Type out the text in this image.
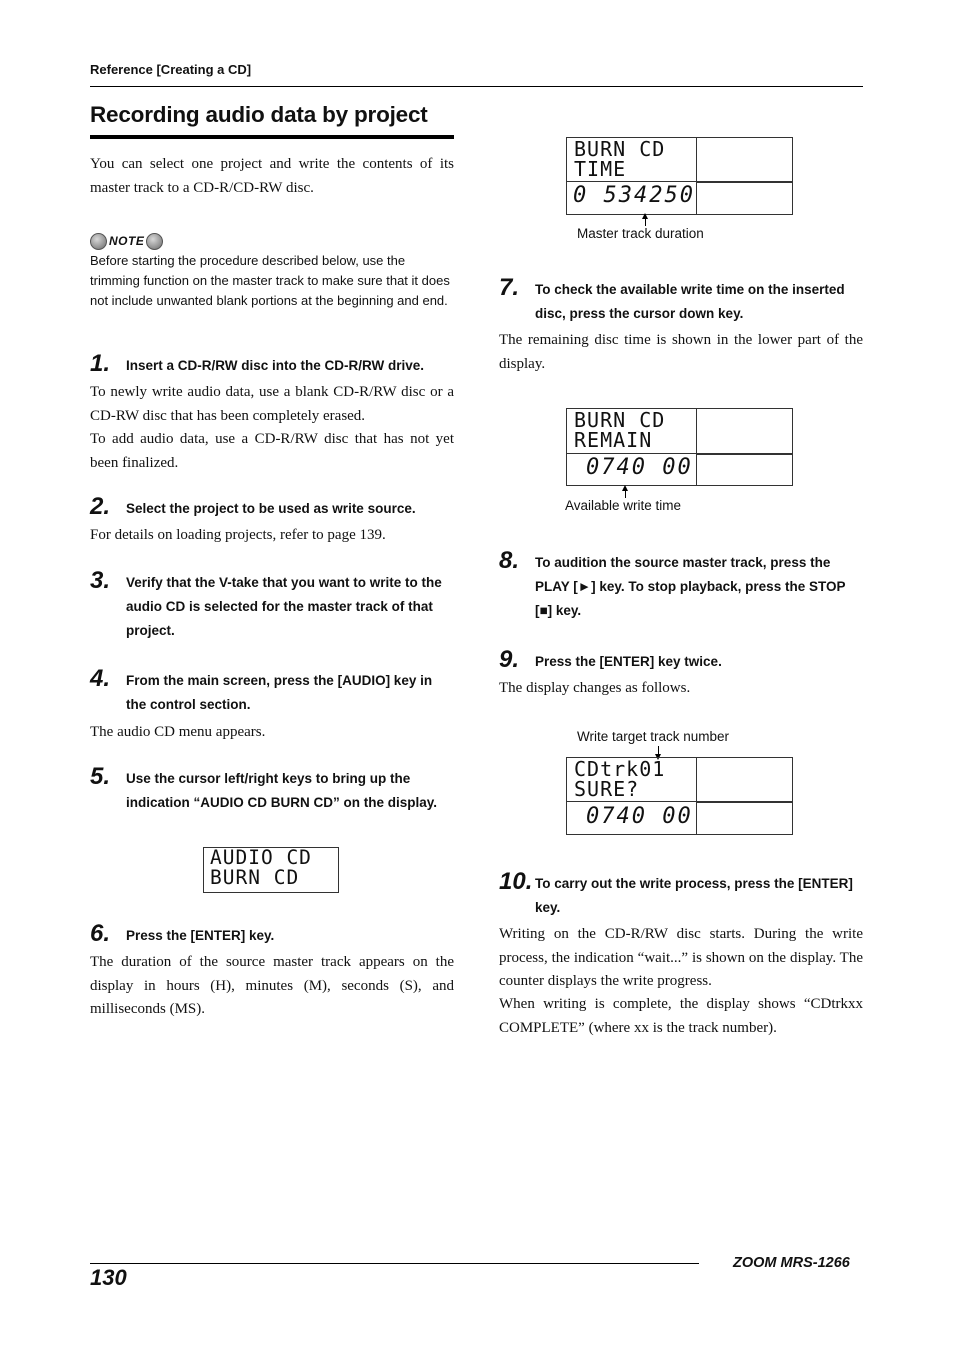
Reference [Creating a CD]
Recording audio data by project
You can select one project and write the contents of its master track to a CD-R/CD-RW disc.
NOTE
Before starting the procedure described below, use the trimming function on the master track to make sure that it does not include unwanted blank portions at the beginning and end.
1.	Insert a CD-R/RW disc into the CD-R/RW drive.
To newly write audio data, use a blank CD-R/RW disc or a CD-RW disc that has been completely erased.
To add audio data, use a CD-R/RW disc that has not yet been finalized.
2.	Select the project to be used as write source.
For details on loading projects, refer to page 139.
3.	Verify that the V-take that you want to write to the audio CD is selected for the master track of that project.
4.	From the main screen, press the [AUDIO] key in the control section.
The audio CD menu appears.
5.	Use the cursor left/right keys to bring up the indication “AUDIO CD BURN CD” on the display.
AUDIO CD
BURN CD
6.	Press the [ENTER] key.
The duration of the source master track appears on the display in hours (H), minutes (M), seconds (S), and milliseconds (MS).
BURN CD
TIME
0 534250
Master track duration
7.	To check the available write time on the inserted disc, press the cursor down key.
The remaining disc time is shown in the lower part of the display.
BURN CD
REMAIN
0740 00
Available write time
8.	To audition the source master track, press the PLAY [►] key. To stop playback, press the STOP [■] key.
9.	Press the [ENTER] key twice.
The display changes as follows.
Write target track number
CDtrk01
SURE?
0740 00
10. To carry out the write process, press the [ENTER] key.
Writing on the CD-R/RW disc starts. During the write process, the indication “wait...” is shown on the display. The counter displays the write progress.
When writing is complete, the display shows “CDtrkxx COMPLETE” (where xx is the track number).
130
ZOOM MRS-1266
